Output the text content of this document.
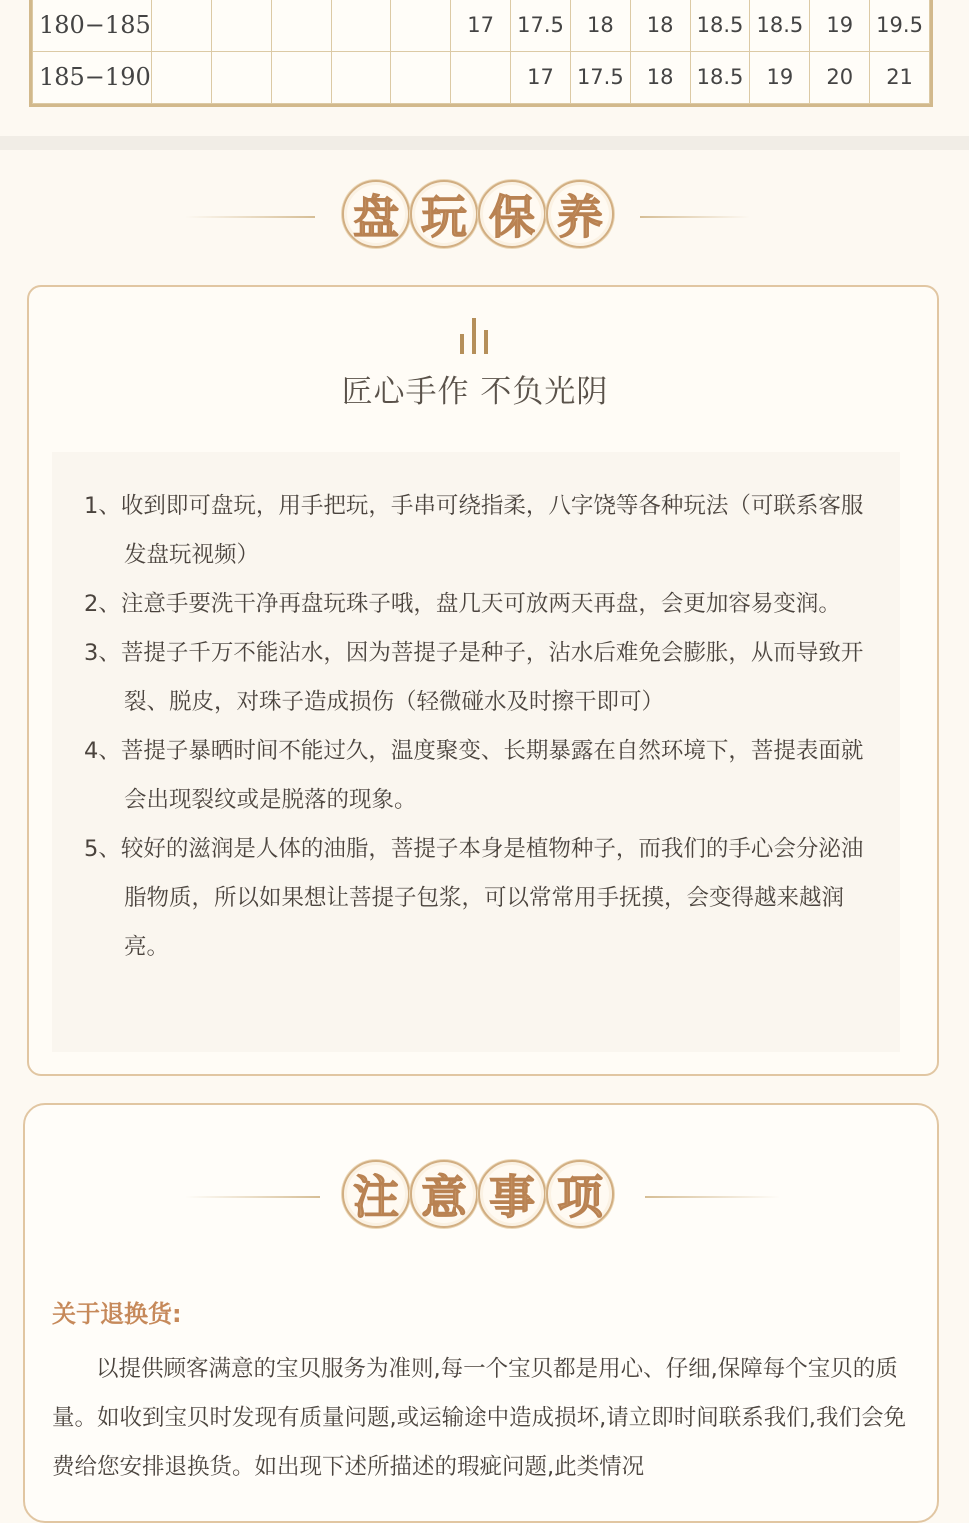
180−185						17	17.5	18	18	18.5	18.5	19	19.5
185−190							17	17.5	18	18.5	19	20	21
盘 玩 保 养
匠心手作 不负光阴
1、收到即可盘玩，用手把玩，手串可绕指柔，八字饶等各种玩法（可联系客服发盘玩视频）
2、注意手要洗干净再盘玩珠子哦，盘几天可放两天再盘，会更加容易变润。
3、菩提子千万不能沾水，因为菩提子是种子，沾水后难免会膨胀，从而导致开裂、脱皮，对珠子造成损伤（轻微碰水及时擦干即可）
4、菩提子暴晒时间不能过久，温度聚变、长期暴露在自然环境下，菩提表面就会出现裂纹或是脱落的现象。
5、较好的滋润是人体的油脂，菩提子本身是植物种子，而我们的手心会分泌油脂物质，所以如果想让菩提子包浆，可以常常用手抚摸，会变得越来越润亮。
注 意 事 项
关于退换货:

以提供顾客满意的宝贝服务为准则,每一个宝贝都是用心、仔细,保障每个宝贝的质量。如收到宝贝时发现有质量问题,或运输途中造成损坏,请立即时间联系我们,我们会免费给您安排退换货。如出现下述所描述的瑕疵问题,此类情况
